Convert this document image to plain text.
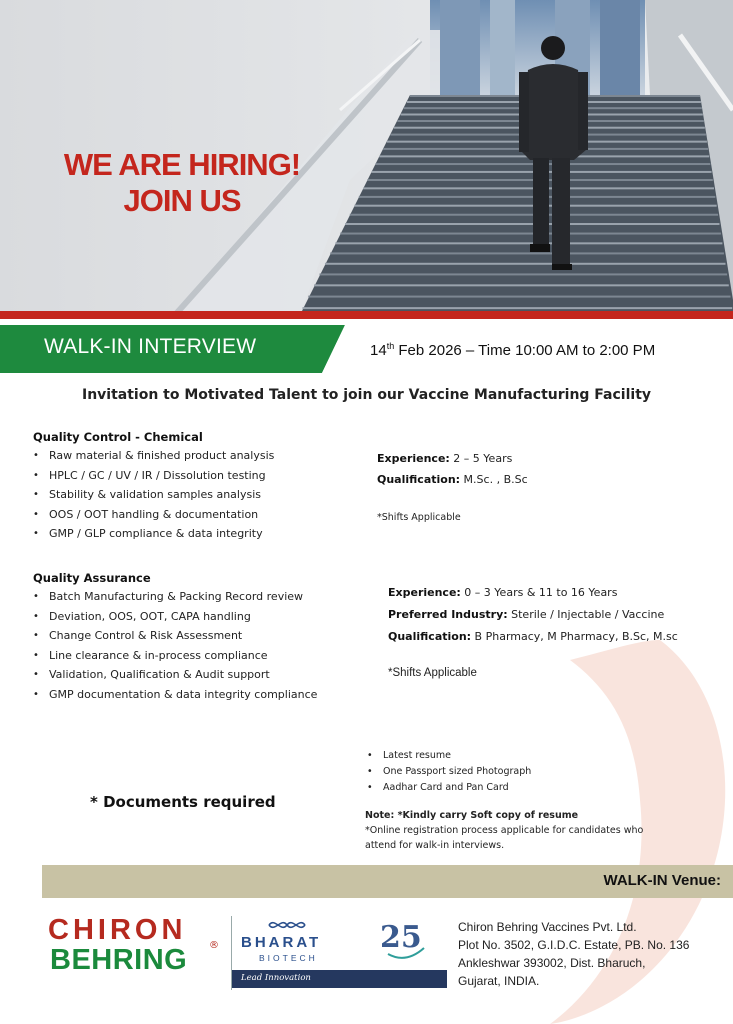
WE ARE HIRING!
JOIN US
WALK-IN INTERVIEW	14th Feb 2026 – Time 10:00 AM to 2:00 PM
Invitation to Motivated Talent to join our Vaccine Manufacturing Facility
Quality Control - Chemical
• Raw material & finished product analysis
• HPLC / GC / UV / IR / Dissolution testing
• Stability & validation samples analysis
• OOS / OOT handling & documentation
• GMP / GLP compliance & data integrity
Experience: 2 – 5 Years
Qualification: M.Sc. , B.Sc
*Shifts Applicable
Quality Assurance
• Batch Manufacturing & Packing Record review
• Deviation, OOS, OOT, CAPA handling
• Change Control & Risk Assessment
• Line clearance & in-process compliance
• Validation, Qualification & Audit support
• GMP documentation & data integrity compliance
Experience: 0 – 3 Years & 11 to 16 Years
Preferred Industry: Sterile / Injectable / Vaccine
Qualification: B Pharmacy, M Pharmacy, B.Sc, M.sc
*Shifts Applicable
* Documents required
• Latest resume
• One Passport sized Photograph
• Aadhar Card and Pan Card
Note: *Kindly carry Soft copy of resume
*Online registration process applicable for candidates who
attend for walk-in interviews.
WALK-IN Venue:
CHIRON
BEHRING ® BHARAT
BIOTECH
25
Lead Innovation
Chiron Behring Vaccines Pvt. Ltd.
Plot No. 3502, G.I.D.C. Estate, PB. No. 136
Ankleshwar 393002, Dist. Bharuch,
Gujarat, INDIA.
